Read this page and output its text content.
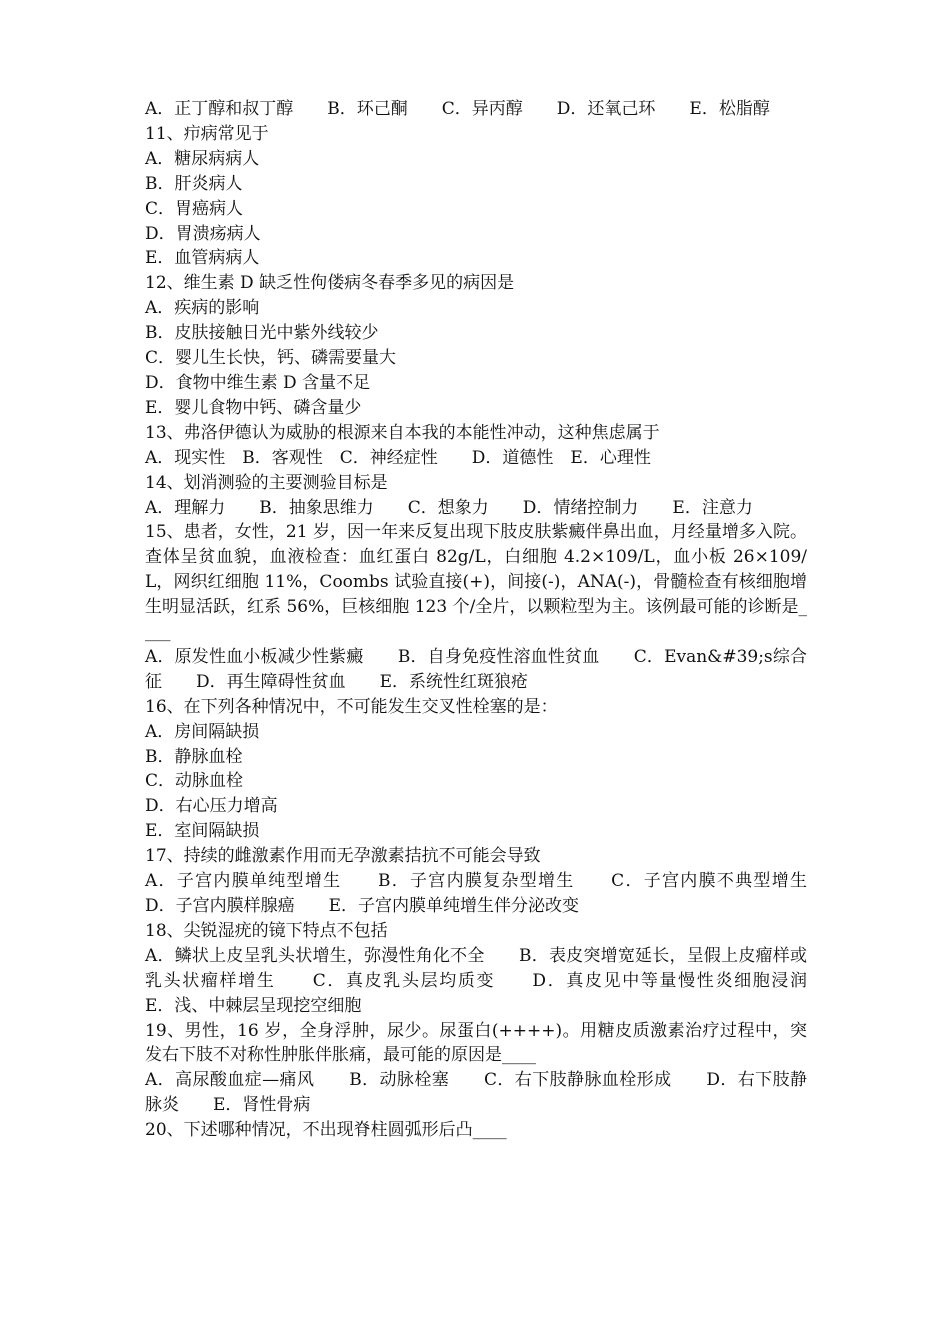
A．正丁醇和叔丁醇　　B．环己酮　　C．异丙醇　　D．还氧己环　　E．松脂醇
11、疖病常见于
A．糖尿病病人
B．肝炎病人
C．胃癌病人
D．胃溃疡病人
E．血管病病人
12、维生素 D 缺乏性佝偻病冬春季多见的病因是
A．疾病的影响
B．皮肤接触日光中紫外线较少
C．婴儿生长快，钙、磷需要量大
D．食物中维生素 D 含量不足
E．婴儿食物中钙、磷含量少
13、弗洛伊德认为威胁的根源来自本我的本能性冲动，这种焦虑属于
A．现实性　B．客观性　C．神经症性　　D．道德性　E．心理性
14、划消测验的主要测验目标是
A．理解力　　B．抽象思维力　　C．想象力　　D．情绪控制力　　E．注意力
15、患者，女性，21 岁，因一年来反复出现下肢皮肤紫癜伴鼻出血，月经量增多入院。查体呈贫血貌，血液检查：血红蛋白 82g/L，白细胞 4.2×109/L，血小板 26×109/L，网织红细胞 11%，Coombs 试验直接(+)，间接(-)，ANA(-)，骨髓检查有核细胞增生明显活跃，红系 56%，巨核细胞 123 个/全片，以颗粒型为主。该例最可能的诊断是____
A．原发性血小板减少性紫癜　　B．自身免疫性溶血性贫血　　C．Evan&#39;s综合征　　D．再生障碍性贫血　　E．系统性红斑狼疮
16、在下列各种情况中，不可能发生交叉性栓塞的是：
A．房间隔缺损
B．静脉血栓
C．动脉血栓
D．右心压力增高
E．室间隔缺损
17、持续的雌激素作用而无孕激素拮抗不可能会导致
A．子宫内膜单纯型增生　　B．子宫内膜复杂型增生　　C．子宫内膜不典型增生　　D．子宫内膜样腺癌　　E．子宫内膜单纯增生伴分泌改变
18、尖锐湿疣的镜下特点不包括
A．鳞状上皮呈乳头状增生，弥漫性角化不全　　B．表皮突增宽延长，呈假上皮瘤样或乳头状瘤样增生　　C．真皮乳头层均质变　　D．真皮见中等量慢性炎细胞浸润　　E．浅、中棘层呈现挖空细胞
19、男性，16 岁，全身浮肿，尿少。尿蛋白(++++)。用糖皮质激素治疗过程中，突发右下肢不对称性肿胀伴胀痛，最可能的原因是____
A．高尿酸血症—痛风　　B．动脉栓塞　　C．右下肢静脉血栓形成　　D．右下肢静脉炎　　E．肾性骨病
20、下述哪种情况，不出现脊柱圆弧形后凸____
